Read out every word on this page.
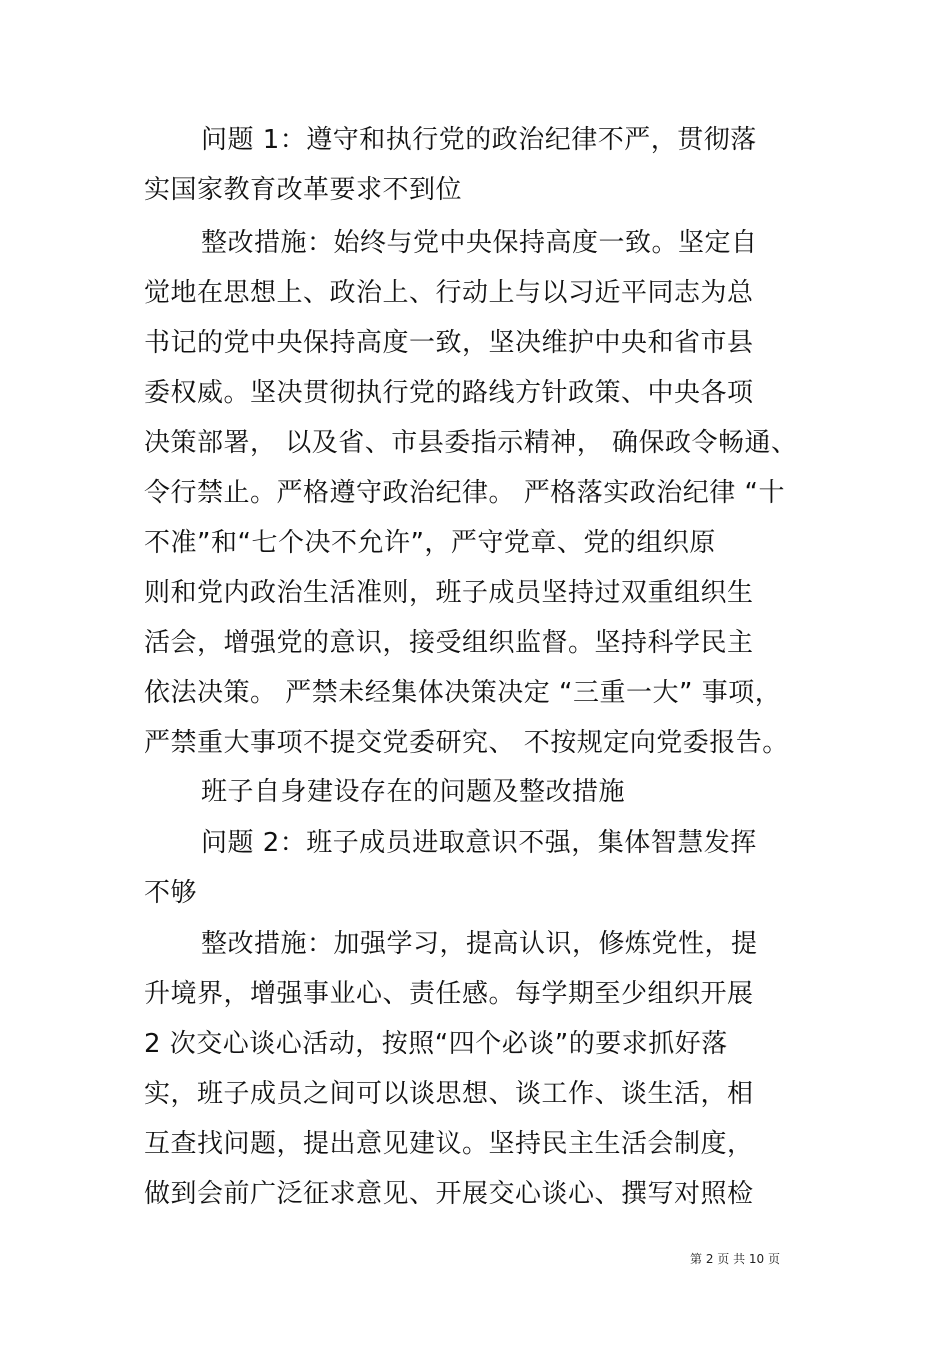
问题 1：遵守和执行党的政治纪律不严，贯彻落
实国家教育改革要求不到位
整改措施：始终与党中央保持高度一致。坚定自
觉地在思想上、政治上、行动上与以习近平同志为总
书记的党中央保持高度一致，坚决维护中央和省市县
委权威。坚决贯彻执行党的路线方针政策、中央各项
决策部署， 以及省、市县委指示精神， 确保政令畅通、
令行禁止。严格遵守政治纪律。 严格落实政治纪律 “十
不准”和“七个决不允许”，严守党章、党的组织原
则和党内政治生活准则，班子成员坚持过双重组织生
活会，增强党的意识，接受组织监督。坚持科学民主
依法决策。 严禁未经集体决策决定 “三重一大” 事项，
严禁重大事项不提交党委研究、 不按规定向党委报告。
班子自身建设存在的问题及整改措施
问题 2：班子成员进取意识不强，集体智慧发挥
不够
整改措施：加强学习，提高认识，修炼党性，提
升境界，增强事业心、责任感。每学期至少组织开展
2 次交心谈心活动，按照“四个必谈”的要求抓好落
实，班子成员之间可以谈思想、谈工作、谈生活，相
互查找问题，提出意见建议。坚持民主生活会制度，
做到会前广泛征求意见、开展交心谈心、撰写对照检
第 2 页 共 10 页
